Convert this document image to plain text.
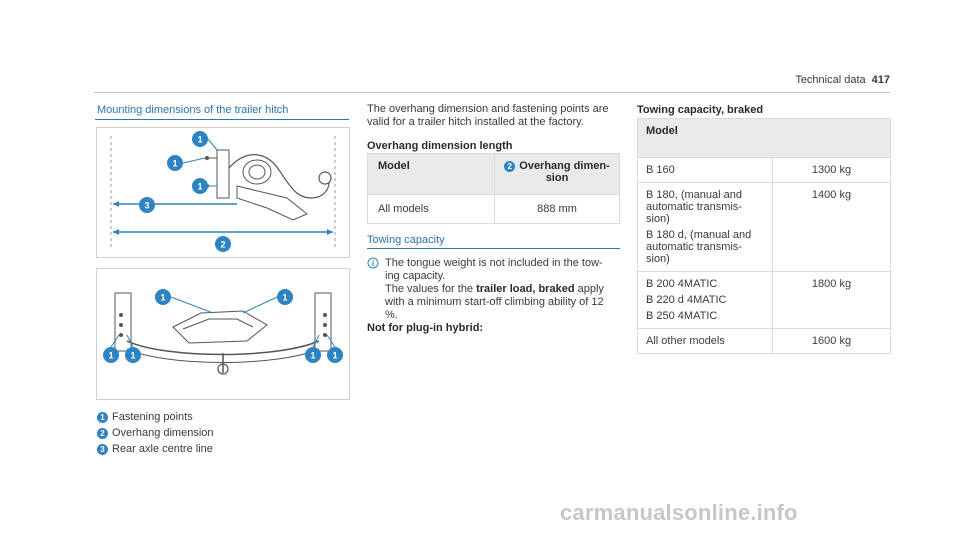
Technical data 417
Mounting dimensions of the trailer hitch
1
1
1
2
3
1	1
1 1	1 1
1 Fastening points
2 Overhang dimension
3 Rear axle centre line
The overhang dimension and fastening points are valid for a trailer hitch installed at the factory.
Overhang dimension length
Model	2 Overhang dimen-sion
All models	888 mm
Towing capacity
The tongue weight is not included in the tow-ing capacity.
The values for the trailer load, braked apply with a minimum start-off climbing ability of 12 %.
Not for plug-in hybrid:
Towing capacity, braked
Model	
B 160	1300 kg

B 180, (manual and automatic transmis-sion)
B 180 d, (manual and automatic transmis-sion)	1400 kg

B 200 4MATIC
B 220 d 4MATIC
B 250 4MATIC	1800 kg
All other models	1600 kg
carmanualsonline.info
